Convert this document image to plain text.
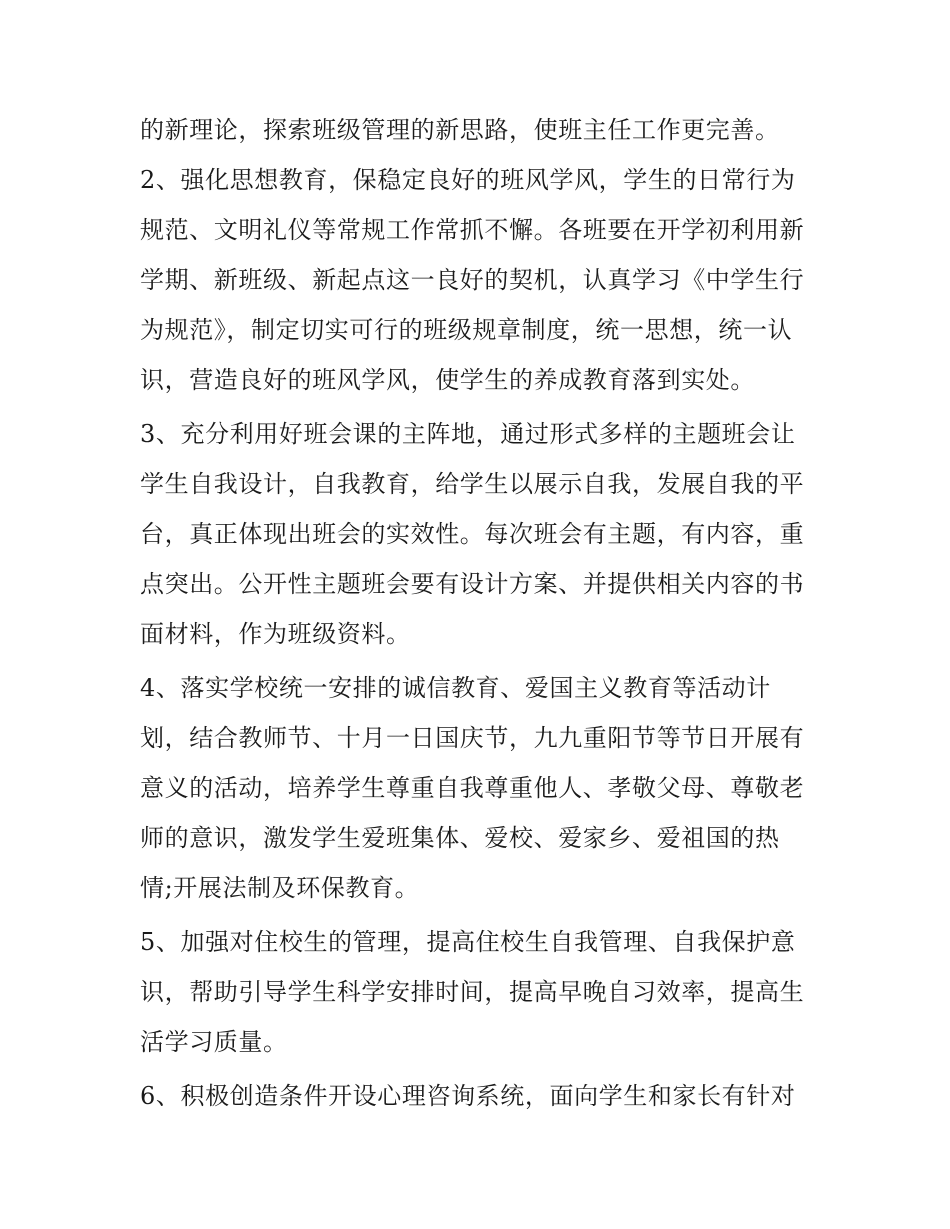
的新理论，探索班级管理的新思路，使班主任工作更完善。
2、强化思想教育，保稳定良好的班风学风，学生的日常行为
规范、文明礼仪等常规工作常抓不懈。各班要在开学初利用新
学期、新班级、新起点这一良好的契机，认真学习《中学生行
为规范》，制定切实可行的班级规章制度，统一思想，统一认
识，营造良好的班风学风，使学生的养成教育落到实处。
3、充分利用好班会课的主阵地，通过形式多样的主题班会让
学生自我设计，自我教育，给学生以展示自我，发展自我的平
台，真正体现出班会的实效性。每次班会有主题，有内容，重
点突出。公开性主题班会要有设计方案、并提供相关内容的书
面材料，作为班级资料。
4、落实学校统一安排的诚信教育、爱国主义教育等活动计
划，结合教师节、十月一日国庆节，九九重阳节等节日开展有
意义的活动，培养学生尊重自我尊重他人、孝敬父母、尊敬老
师的意识，激发学生爱班集体、爱校、爱家乡、爱祖国的热
情;开展法制及环保教育。
5、加强对住校生的管理，提高住校生自我管理、自我保护意
识，帮助引导学生科学安排时间，提高早晚自习效率，提高生
活学习质量。
6、积极创造条件开设心理咨询系统，面向学生和家长有针对
